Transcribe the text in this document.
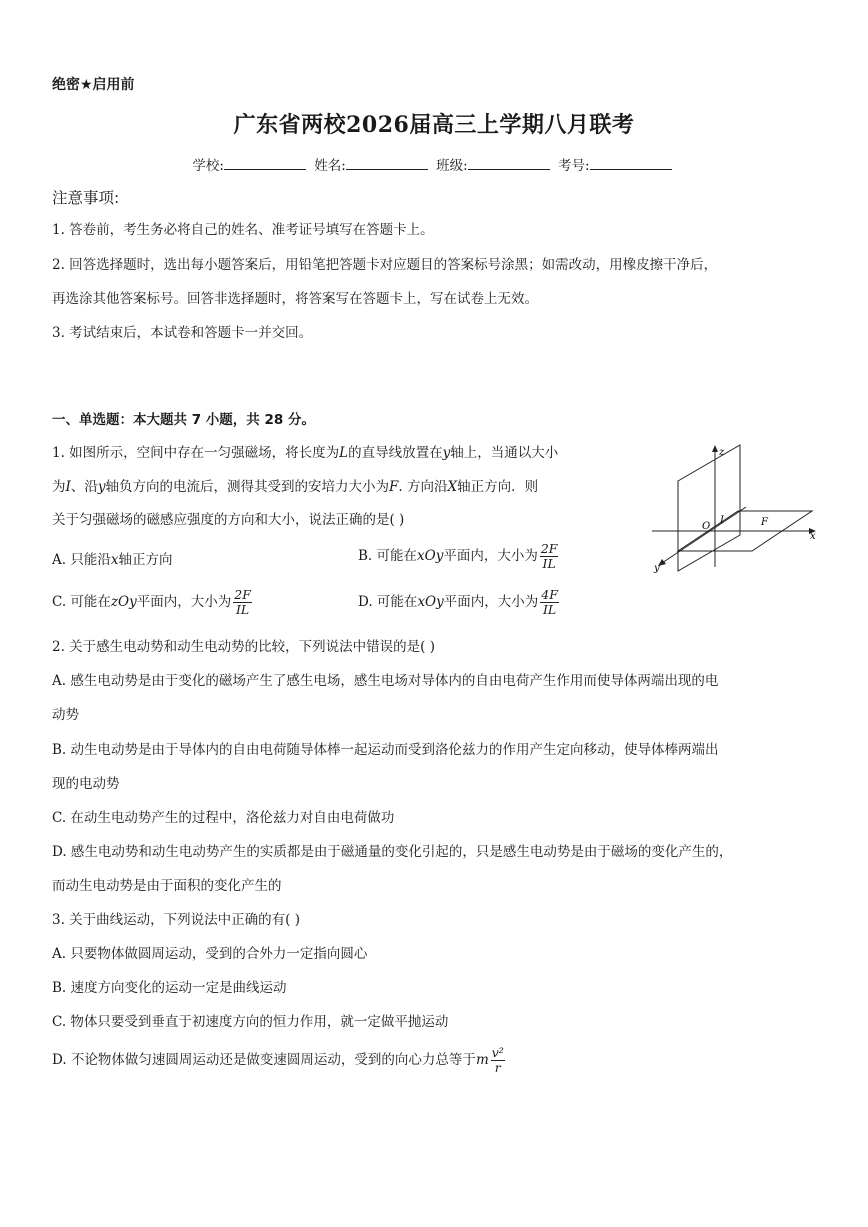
绝密★启用前
广东省两校2026届高三上学期八月联考
学校:	姓名:	班级:	考号:
注意事项:
1. 答卷前，考生务必将自己的姓名、准考证号填写在答题卡上。
2. 回答选择题时，选出每小题答案后，用铅笔把答题卡对应题目的答案标号涂黑；如需改动，用橡皮擦干净后，
再选涂其他答案标号。回答非选择题时，将答案写在答题卡上，写在试卷上无效。
3. 考试结束后，本试卷和答题卡一并交回。
一、单选题：本大题共 7 小题，共 28 分。
1. 如图所示，空间中存在一匀强磁场，将长度为L的直导线放置在y轴上，当通以大小
为I、沿y轴负方向的电流后，测得其受到的安培力大小为F. 方向沿X轴正方向．则
关于匀强磁场的磁感应强度的方向和大小，说法正确的是( )
A. 只能沿x轴正方向	B. 可能在xOy平面内，大小为 $\frac{2F}{IL}$
C. 可能在zOy平面内，大小为 $\frac{2F}{IL}$	D. 可能在xOy平面内，大小为 $\frac{4F}{IL}$
z
x
y
O
I	F
2. 关于感生电动势和动生电动势的比较，下列说法中错误的是( )
A. 感生电动势是由于变化的磁场产生了感生电场，感生电场对导体内的自由电荷产生作用而使导体两端出现的电
动势
B. 动生电动势是由于导体内的自由电荷随导体棒一起运动而受到洛伦兹力的作用产生定向移动，使导体棒两端出
现的电动势
C. 在动生电动势产生的过程中，洛伦兹力对自由电荷做功
D. 感生电动势和动生电动势产生的实质都是由于磁通量的变化引起的，只是感生电动势是由于磁场的变化产生的，
而动生电动势是由于面积的变化产生的
3. 关于曲线运动，下列说法中正确的有( )
A. 只要物体做圆周运动，受到的合外力一定指向圆心
B. 速度方向变化的运动一定是曲线运动
C. 物体只要受到垂直于初速度方向的恒力作用，就一定做平抛运动
D. 不论物体做匀速圆周运动还是做变速圆周运动，受到的向心力总等于m $\frac{\text{v²}}{r}$
